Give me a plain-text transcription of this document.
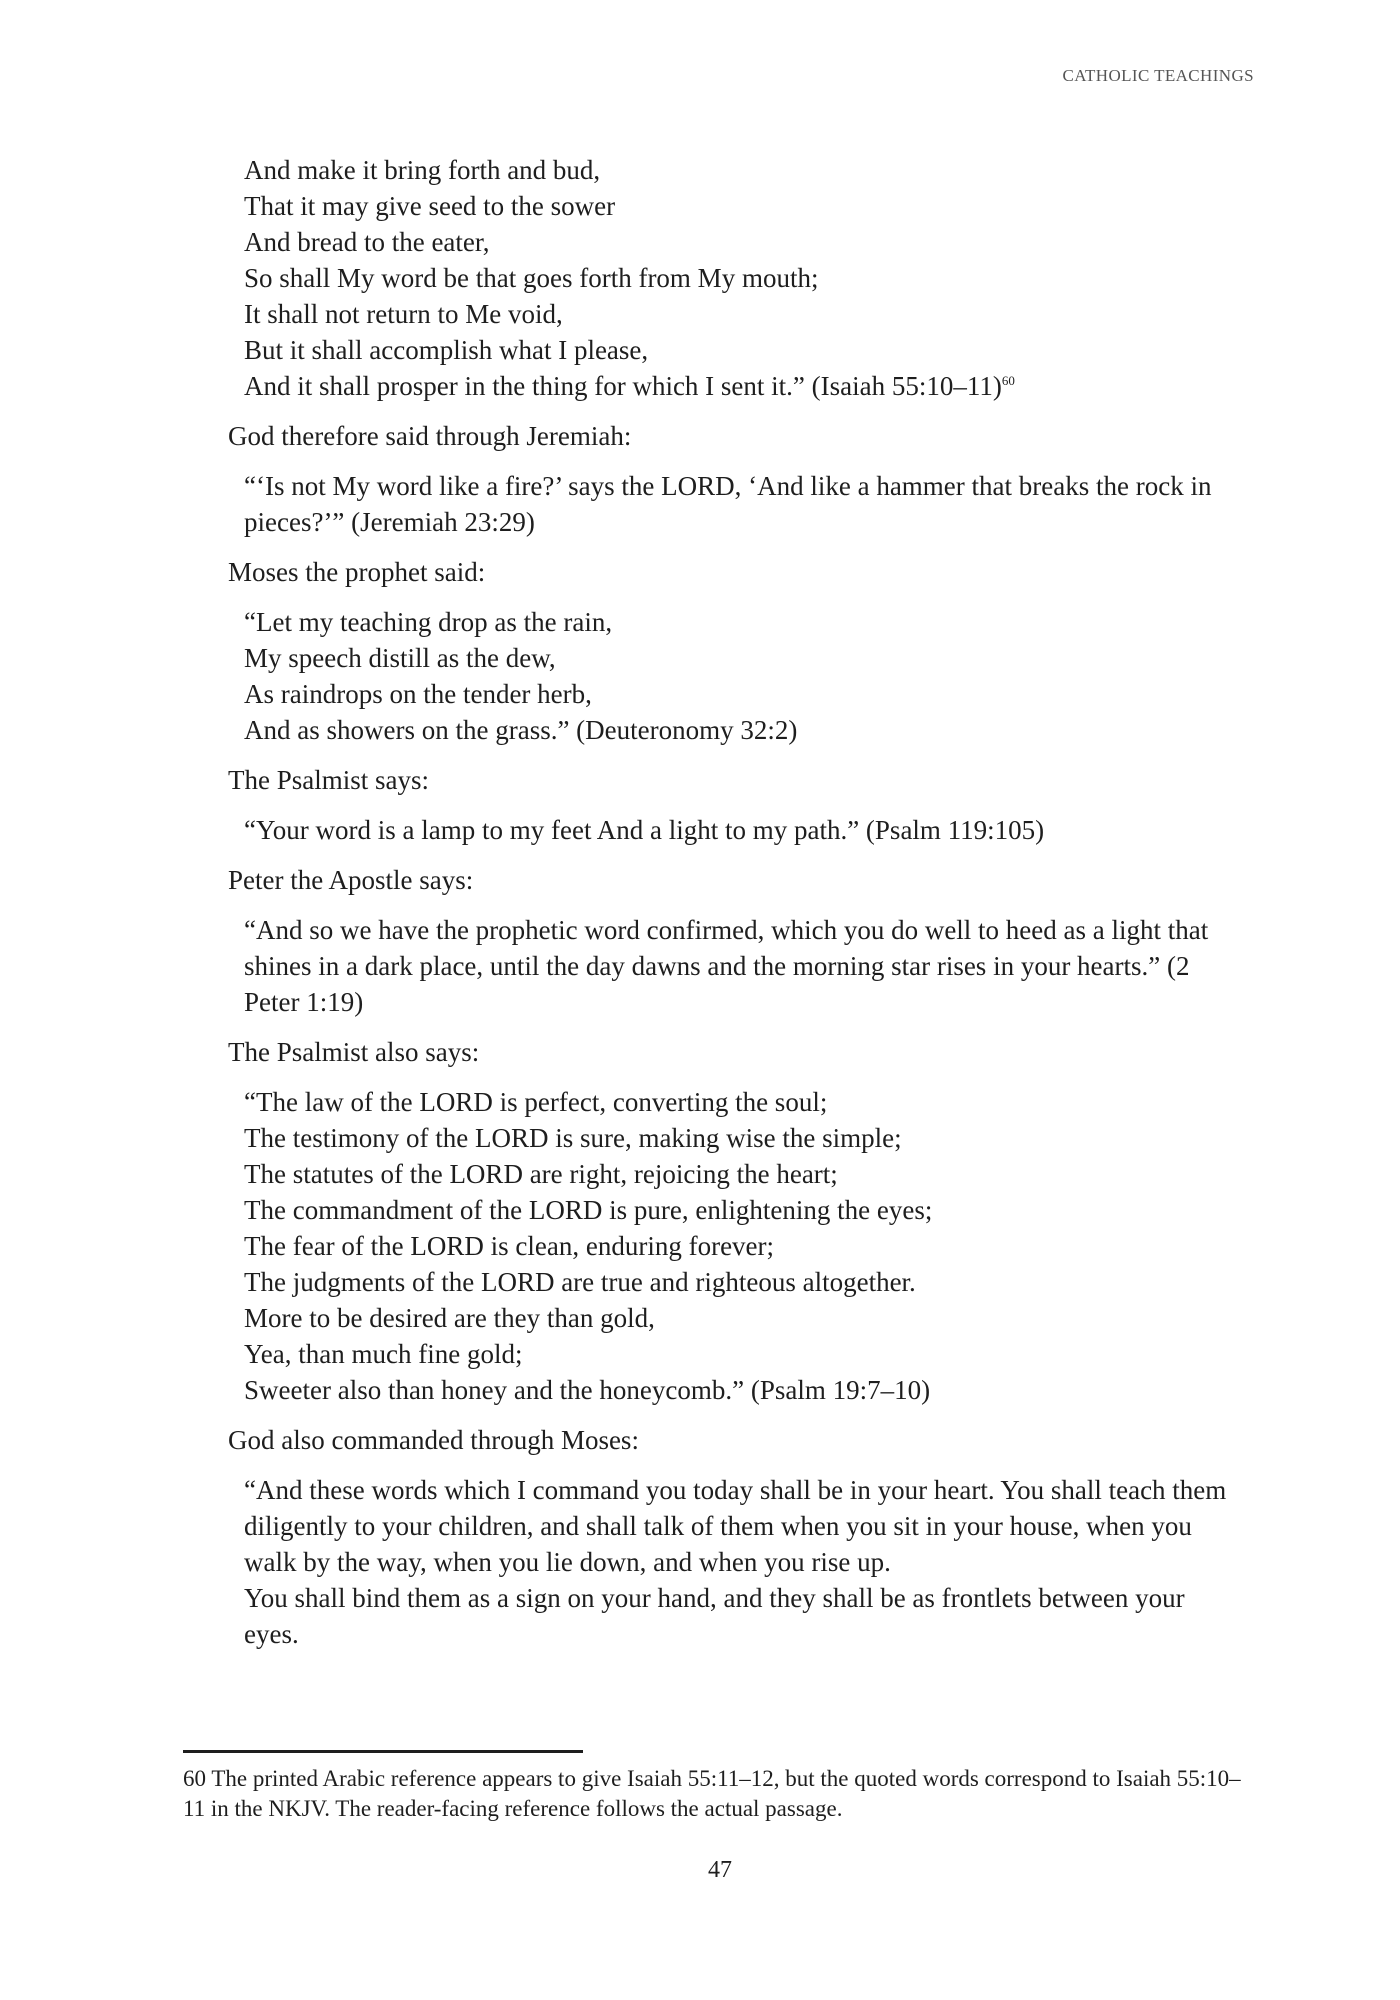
CATHOLIC TEACHINGS
And make it bring forth and bud,
That it may give seed to the sower
And bread to the eater,
So shall My word be that goes forth from My mouth;
It shall not return to Me void,
But it shall accomplish what I please,
And it shall prosper in the thing for which I sent it.” (Isaiah 55:10–11)$^{60}$

God therefore said through Jeremiah:

“‘Is not My word like a fire?’ says the LORD, ‘And like a hammer that breaks the rock in pieces?’” (Jeremiah 23:29)

Moses the prophet said:

“Let my teaching drop as the rain,
My speech distill as the dew,
As raindrops on the tender herb,
And as showers on the grass.” (Deuteronomy 32:2)

The Psalmist says:

“Your word is a lamp to my feet And a light to my path.” (Psalm 119:105)

Peter the Apostle says:

“And so we have the prophetic word confirmed, which you do well to heed as a light that shines in a dark place, until the day dawns and the morning star rises in your hearts.” (2 Peter 1:19)

The Psalmist also says:

“The law of the LORD is perfect, converting the soul;
The testimony of the LORD is sure, making wise the simple;
The statutes of the LORD are right, rejoicing the heart;
The commandment of the LORD is pure, enlightening the eyes;
The fear of the LORD is clean, enduring forever;
The judgments of the LORD are true and righteous altogether.
More to be desired are they than gold,
Yea, than much fine gold;
Sweeter also than honey and the honeycomb.” (Psalm 19:7–10)

God also commanded through Moses:

“And these words which I command you today shall be in your heart. You shall teach them diligently to your children, and shall talk of them when you sit in your house, when you walk by the way, when you lie down, and when you rise up.
You shall bind them as a sign on your hand, and they shall be as frontlets between your eyes.
60 The printed Arabic reference appears to give Isaiah 55:11–12, but the quoted words correspond to Isaiah 55:10–11 in the NKJV. The reader-facing reference follows the actual passage.
47
